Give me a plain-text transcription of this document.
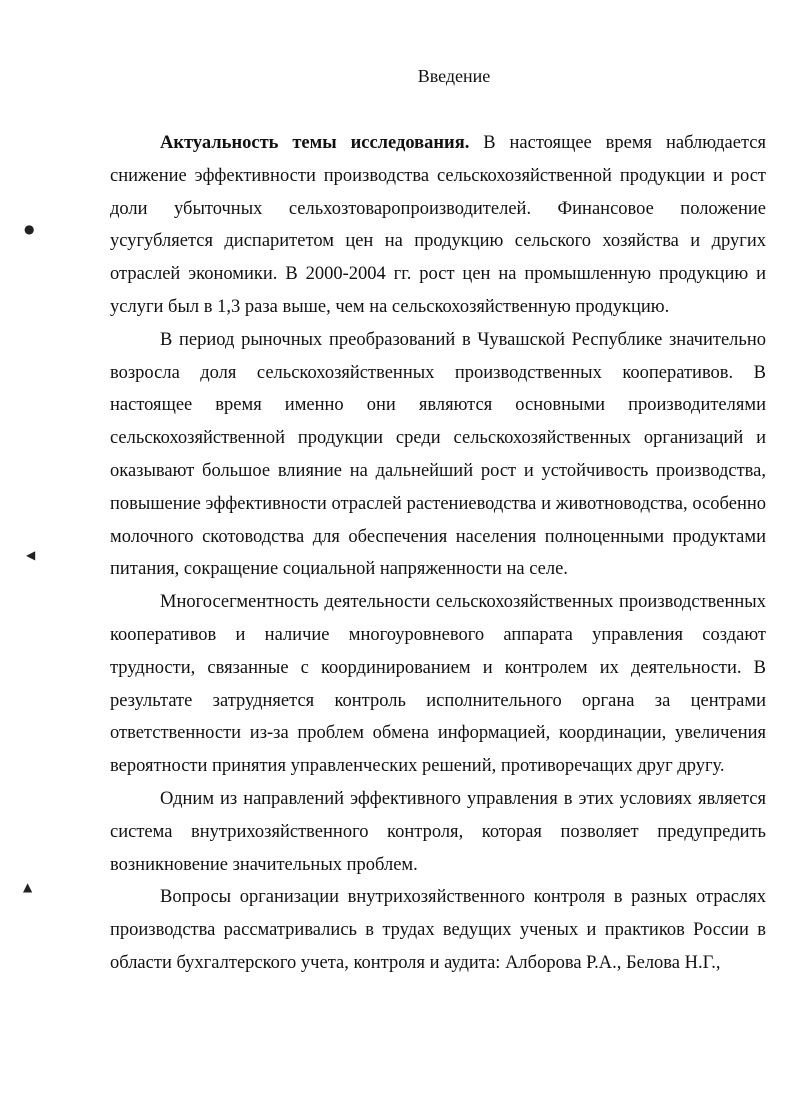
●
◀
▲
Введение

Актуальность темы исследования. В настоящее время наблюдается снижение эффективности производства сельскохозяйственной продукции и рост доли убыточных сельхозтоваропроизводителей. Финансовое положение усугубляется диспаритетом цен на продукцию сельского хозяйства и других отраслей экономики. В 2000-2004 гг. рост цен на промышленную продукцию и услуги был в 1,3 раза выше, чем на сельскохозяйственную продукцию.

В период рыночных преобразований в Чувашской Республике значительно возросла доля сельскохозяйственных производственных кооперативов. В настоящее время именно они являются основными производителями сельскохозяйственной продукции среди сельскохозяйственных организаций и оказывают большое влияние на дальнейший рост и устойчивость производства, повышение эффективности отраслей растениеводства и животноводства, особенно молочного скотоводства для обеспечения населения полноценными продуктами питания, сокращение социальной напряженности на селе.

Многосегментность деятельности сельскохозяйственных производственных кооперативов и наличие многоуровневого аппарата управления создают трудности, связанные с координированием и контролем их деятельности. В результате затрудняется контроль исполнительного органа за центрами ответственности из-за проблем обмена информацией, координации, увеличения вероятности принятия управленческих решений, противоречащих друг другу.

Одним из направлений эффективного управления в этих условиях является система внутрихозяйственного контроля, которая позволяет предупредить возникновение значительных проблем.

Вопросы организации внутрихозяйственного контроля в разных отраслях производства рассматривались в трудах ведущих ученых и практиков России в области бухгалтерского учета, контроля и аудита: Алборова Р.А., Белова Н.Г.,
